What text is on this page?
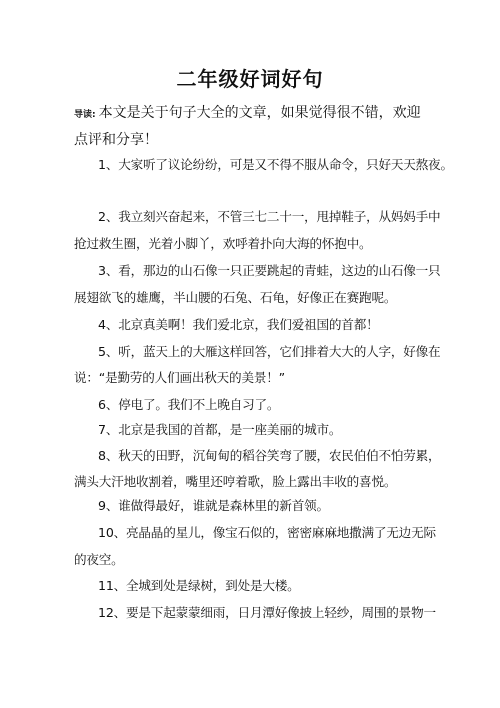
二年级好词好句
导读: 本文是关于句子大全的文章，如果觉得很不错，欢迎
点评和分享！
1、大家听了议论纷纷，可是又不得不服从命令，只好天天熬夜。
2、我立刻兴奋起来，不管三七二十一，甩掉鞋子，从妈妈手中
抢过救生圈，光着小脚丫，欢呼着扑向大海的怀抱中。
3、看，那边的山石像一只正要跳起的青蛙，这边的山石像一只
展翅欲飞的雄鹰，半山腰的石兔、石龟，好像正在赛跑呢。
4、北京真美啊！我们爱北京，我们爱祖国的首都！
5、听，蓝天上的大雁这样回答，它们排着大大的人字，好像在
说：“是勤劳的人们画出秋天的美景！”
6、停电了。我们不上晚自习了。
7、北京是我国的首都，是一座美丽的城市。
8、秋天的田野，沉甸甸的稻谷笑弯了腰，农民伯伯不怕劳累，
满头大汗地收割着，嘴里还哼着歌，脸上露出丰收的喜悦。
9、谁做得最好，谁就是森林里的新首领。
10、亮晶晶的星儿，像宝石似的，密密麻麻地撒满了无边无际
的夜空。
11、全城到处是绿树，到处是大楼。
12、要是下起蒙蒙细雨，日月潭好像披上轻纱，周围的景物一
